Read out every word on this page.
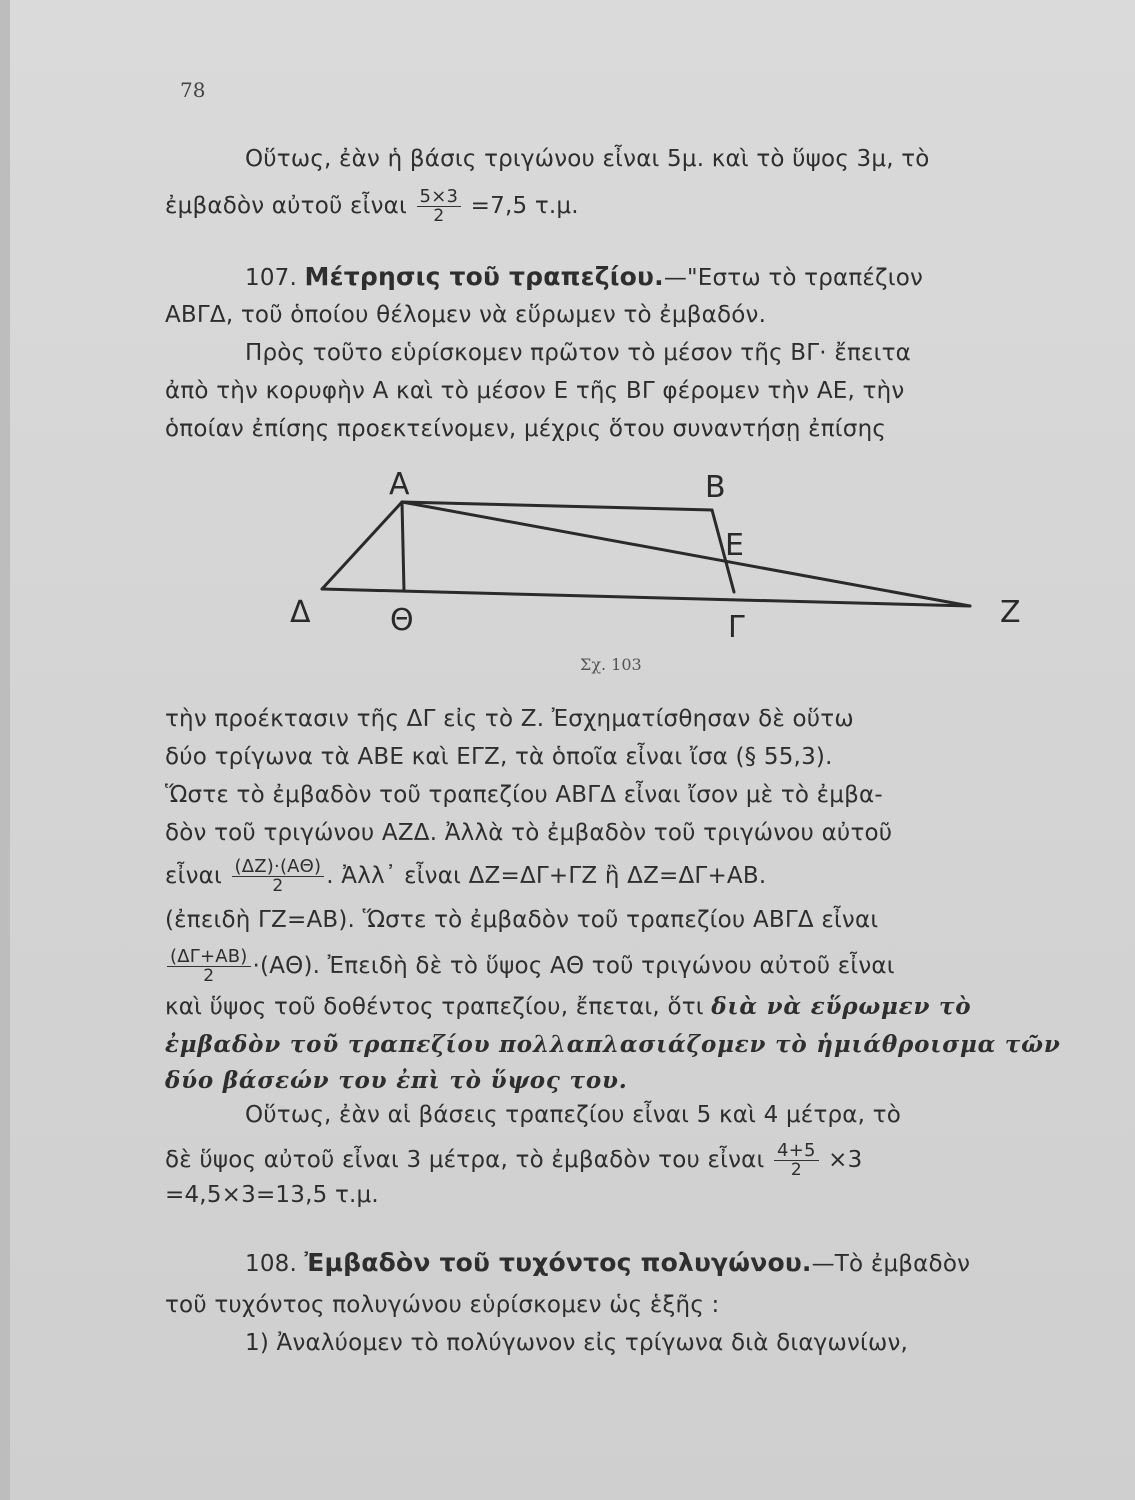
78
Οὕτως, ἐὰν ἡ βάσις τριγώνου εἶναι 5μ. καὶ τὸ ὕψος 3μ, τὸ
ἐμβαδὸν αὐτοῦ εἶναι $\frac{5\times 3}{2} =7,5$ τ.μ.
107. Μέτρησις τοῦ τραπεζίου.—"Εστω τὸ τραπέζιον
ΑΒΓΔ, τοῦ ὁποίου θέλομεν νὰ εὕρωμεν τὸ ἐμβαδόν.
Πρὸς τοῦτο εὑρίσκομεν πρῶτον τὸ μέσον τῆς ΒΓ· ἔπειτα
ἀπὸ τὴν κορυφὴν Α καὶ τὸ μέσον Ε τῆς ΒΓ φέρομεν τὴν ΑΕ, τὴν
ὁποίαν ἐπίσης προεκτείνομεν, μέχρις ὅτου συναντήσῃ ἐπίσης
Α	Β
Ε
Δ	Θ	Γ	Ζ
Σχ. 103
τὴν προέκτασιν τῆς ΔΓ εἰς τὸ Ζ. Ἐσχηματίσθησαν δὲ οὕτω
δύο τρίγωνα τὰ ΑΒΕ καὶ ΕΓΖ, τὰ ὁποῖα εἶναι ἴσα (§ 55,3).
Ὥστε τὸ ἐμβαδὸν τοῦ τραπεζίου ΑΒΓΔ εἶναι ἴσον μὲ τὸ ἐμβα-
δὸν τοῦ τριγώνου ΑΖΔ. Ἀλλὰ τὸ ἐμβαδὸν τοῦ τριγώνου αὐτοῦ
εἶναι $\frac{(\Delta Z)\cdot(A\Theta)}{2}$ . Ἀλλ᾽ εἶναι ΔΖ=ΔΓ+ΓΖ ἢ ΔΖ=ΔΓ+ΑΒ.
(ἐπειδὴ ΓΖ=ΑΒ). Ὥστε τὸ ἐμβαδὸν τοῦ τραπεζίου ΑΒΓΔ εἶναι
$\frac{(\Delta\Gamma+AB)}{2} \cdot(A\Theta)$. Ἐπειδὴ δὲ τὸ ὕψος ΑΘ τοῦ τριγώνου αὐτοῦ εἶναι
καὶ ὕψος τοῦ δοθέντος τραπεζίου, ἔπεται, ὅτι διὰ νὰ εὕρωμεν τὸ
ἐμβαδὸν τοῦ τραπεζίου πολλαπλασιάζομεν τὸ ἡμιάθροισμα τῶν
δύο βάσεών του ἐπὶ τὸ ὕψος του.
Οὕτως, ἐὰν αἱ βάσεις τραπεζίου εἶναι 5 καὶ 4 μέτρα, τὸ
δὲ ὕψος αὐτοῦ εἶναι 3 μέτρα, τὸ ἐμβαδὸν του εἶναι $\frac{4+5}{2} \times 3$
=4,5×3=13,5 τ.μ.
108. Ἐμβαδὸν τοῦ τυχόντος πολυγώνου.—Τὸ ἐμβαδὸν
τοῦ τυχόντος πολυγώνου εὑρίσκομεν ὡς ἑξῆς :
1) Ἀναλύομεν τὸ πολύγωνον εἰς τρίγωνα διὰ διαγωνίων,
